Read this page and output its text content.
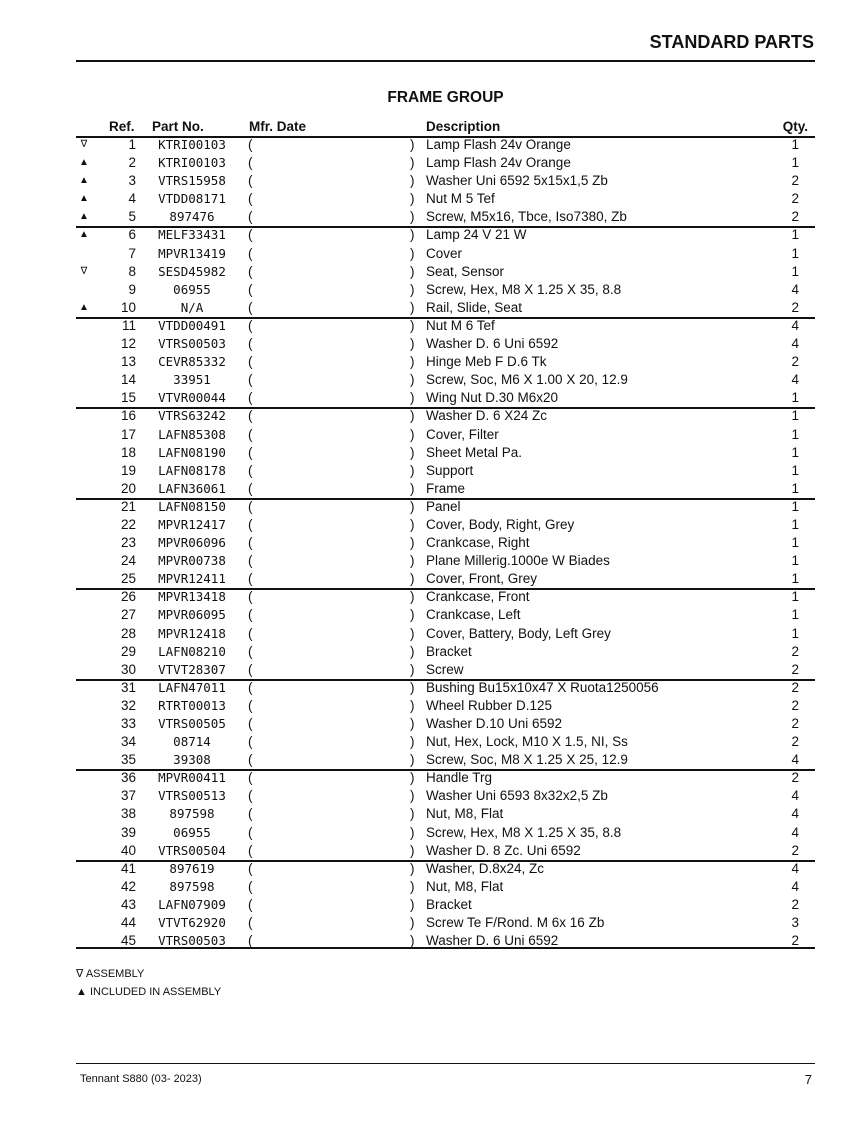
STANDARD PARTS
FRAME GROUP
Ref. Part No.	Mfr. Date	Description	Qty.
∇	1	KTRI00103	(	) Lamp Flash 24v Orange	1
▲	2	KTRI00103	(	) Lamp Flash 24v Orange	1
▲	3	VTRS15958	(	) Washer Uni 6592 5x15x1,5 Zb	2
▲	4	VTDD08171	(	) Nut M 5 Tef	2
▲	5	897476	(	) Screw, M5x16, Tbce, Iso7380, Zb	2
▲	6	MELF33431	(	) Lamp 24 V 21 W	1
7	MPVR13419	(	) Cover	1
∇	8	SESD45982	(	) Seat, Sensor	1
9	06955	(	) Screw, Hex, M8 X 1.25 X 35, 8.8	4
▲	10	N/A	(	) Rail, Slide, Seat	2
11	VTDD00491	(	) Nut M 6 Tef	4
12	VTRS00503	(	) Washer D. 6 Uni 6592	4
13	CEVR85332	(	) Hinge Meb F D.6 Tk	2
14	33951	(	) Screw, Soc, M6 X 1.00 X 20, 12.9	4
15	VTVR00044	(	) Wing Nut D.30 M6x20	1
16	VTRS63242	(	) Washer D. 6 X24 Zc	1
17	LAFN85308	(	) Cover, Filter	1
18	LAFN08190	(	) Sheet Metal Pa.	1
19	LAFN08178	(	) Support	1
20	LAFN36061	(	) Frame	1
21	LAFN08150	(	) Panel	1
22	MPVR12417	(	) Cover, Body, Right, Grey	1
23	MPVR06096	(	) Crankcase, Right	1
24	MPVR00738	(	) Plane Millerig.1000e W Biades	1
25	MPVR12411	(	) Cover, Front, Grey	1
26	MPVR13418	(	) Crankcase, Front	1
27	MPVR06095	(	) Crankcase, Left	1
28	MPVR12418	(	) Cover, Battery, Body, Left Grey	1
29	LAFN08210	(	) Bracket	2
30	VTVT28307	(	) Screw	2
31	LAFN47011	(	) Bushing Bu15x10x47 X Ruota1250056	2
32	RTRT00013	(	) Wheel Rubber D.125	2
33	VTRS00505	(	) Washer D.10 Uni 6592	2
34	08714	(	) Nut, Hex, Lock, M10 X 1.5, NI, Ss	2
35	39308	(	) Screw, Soc, M8 X 1.25 X 25, 12.9	4
36	MPVR00411	(	) Handle Trg	2
37	VTRS00513	(	) Washer Uni 6593 8x32x2,5 Zb	4
38	897598	(	) Nut, M8, Flat	4
39	06955	(	) Screw, Hex, M8 X 1.25 X 35, 8.8	4
40	VTRS00504	(	) Washer D. 8 Zc. Uni 6592	2
41	897619	(	) Washer, D.8x24, Zc	4
42	897598	(	) Nut, M8, Flat	4
43	LAFN07909	(	) Bracket	2
44	VTVT62920	(	) Screw Te F/Rond. M 6x 16 Zb	3
45	VTRS00503	(	) Washer D. 6 Uni 6592	2
∇ ASSEMBLY
▲ INCLUDED IN ASSEMBLY
Tennant S880 (03- 2023)	7
